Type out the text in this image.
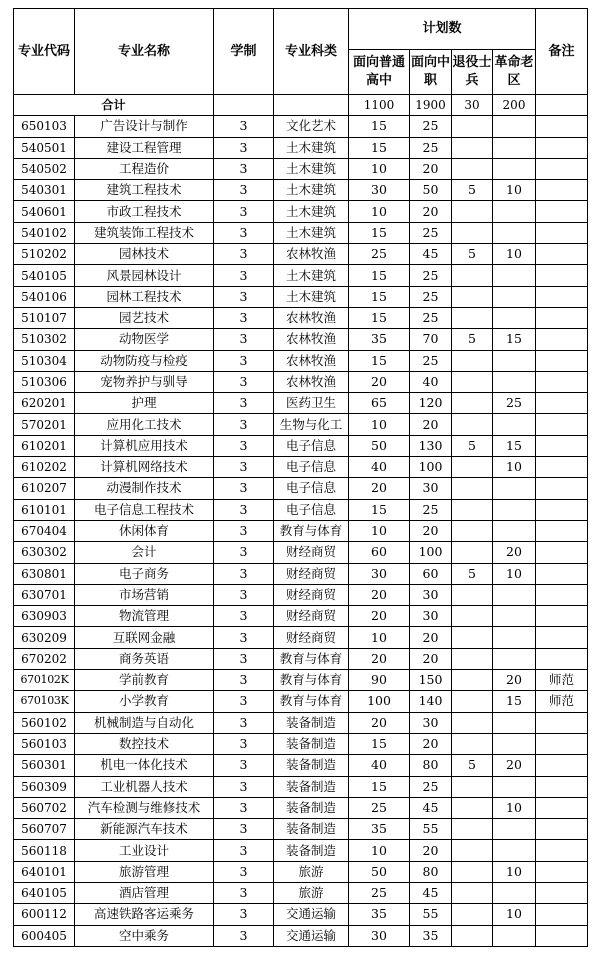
专业代码	专业名称	学制	专业科类	计划数				备注
				面向普通高中	面向中职	退役士兵	革命老区	
合计				1100	1900	30	200	
650103	广告设计与制作	3	文化艺术	15	25			
540501	建设工程管理	3	土木建筑	15	25			
540502	工程造价	3	土木建筑	10	20			
540301	建筑工程技术	3	土木建筑	30	50	5	10	
540601	市政工程技术	3	土木建筑	10	20			
540102	建筑装饰工程技术	3	土木建筑	15	25			
510202	园林技术	3	农林牧渔	25	45	5	10	
540105	风景园林设计	3	土木建筑	15	25			
540106	园林工程技术	3	土木建筑	15	25			
510107	园艺技术	3	农林牧渔	15	25			
510302	动物医学	3	农林牧渔	35	70	5	15	
510304	动物防疫与检疫	3	农林牧渔	15	25			
510306	宠物养护与驯导	3	农林牧渔	20	40			
620201	护理	3	医药卫生	65	120		25	
570201	应用化工技术	3	生物与化工	10	20			
610201	计算机应用技术	3	电子信息	50	130	5	15	
610202	计算机网络技术	3	电子信息	40	100		10	
610207	动漫制作技术	3	电子信息	20	30			
610101	电子信息工程技术	3	电子信息	15	25			
670404	休闲体育	3	教育与体育	10	20			
630302	会计	3	财经商贸	60	100		20	
630801	电子商务	3	财经商贸	30	60	5	10	
630701	市场营销	3	财经商贸	20	30			
630903	物流管理	3	财经商贸	20	30			
630209	互联网金融	3	财经商贸	10	20			
670202	商务英语	3	教育与体育	20	20			
670102K	学前教育	3	教育与体育	90	150		20	师范
670103K	小学教育	3	教育与体育	100	140		15	师范
560102	机械制造与自动化	3	装备制造	20	30			
560103	数控技术	3	装备制造	15	20			
560301	机电一体化技术	3	装备制造	40	80	5	20	
560309	工业机器人技术	3	装备制造	15	25			
560702	汽车检测与维修技术	3	装备制造	25	45		10	
560707	新能源汽车技术	3	装备制造	35	55			
560118	工业设计	3	装备制造	10	20			
640101	旅游管理	3	旅游	50	80		10	
640105	酒店管理	3	旅游	25	45			
600112	高速铁路客运乘务	3	交通运输	35	55		10	
600405	空中乘务	3	交通运输	30	35			
